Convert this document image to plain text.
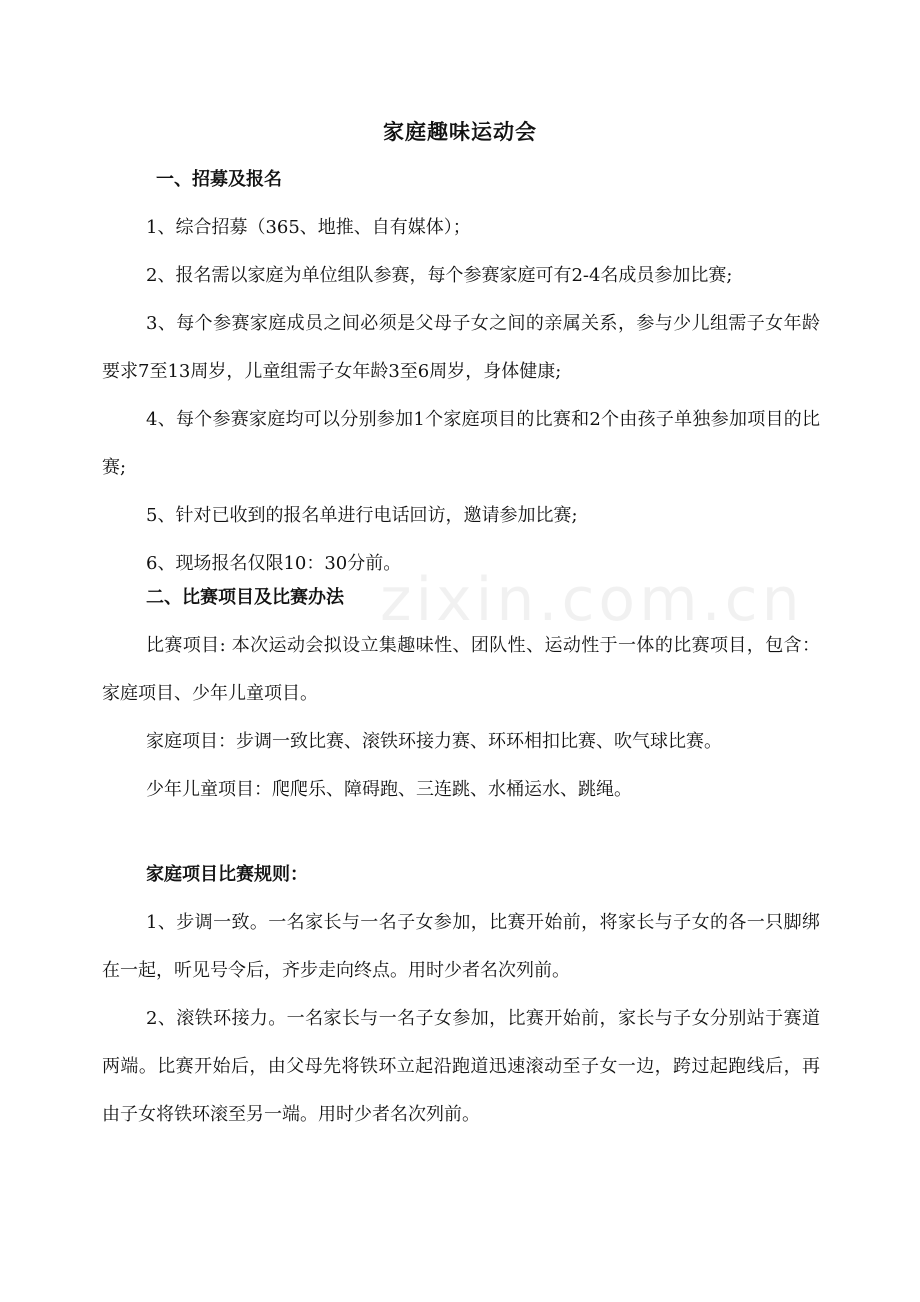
zixin.com.cn
家庭趣味运动会
一、招募及报名
1、综合招募（365、地推、自有媒体）；
2、报名需以家庭为单位组队参赛，每个参赛家庭可有2-4名成员参加比赛;
3、每个参赛家庭成员之间必须是父母子女之间的亲属关系，参与少儿组需子女年龄要求7至13周岁，儿童组需子女年龄3至6周岁，身体健康;
4、每个参赛家庭均可以分别参加1个家庭项目的比赛和2个由孩子单独参加项目的比赛;
5、针对已收到的报名单进行电话回访，邀请参加比赛;
6、现场报名仅限10：30分前。
二、比赛项目及比赛办法
比赛项目: 本次运动会拟设立集趣味性、团队性、运动性于一体的比赛项目，包含：家庭项目、少年儿童项目。
家庭项目：步调一致比赛、滚铁环接力赛、环环相扣比赛、吹气球比赛。
少年儿童项目：爬爬乐、障碍跑、三连跳、水桶运水、跳绳。
家庭项目比赛规则：
1、步调一致。一名家长与一名子女参加，比赛开始前，将家长与子女的各一只脚绑在一起，听见号令后，齐步走向终点。用时少者名次列前。
2、滚铁环接力。一名家长与一名子女参加，比赛开始前，家长与子女分别站于赛道两端。比赛开始后，由父母先将铁环立起沿跑道迅速滚动至子女一边，跨过起跑线后，再由子女将铁环滚至另一端。用时少者名次列前。
